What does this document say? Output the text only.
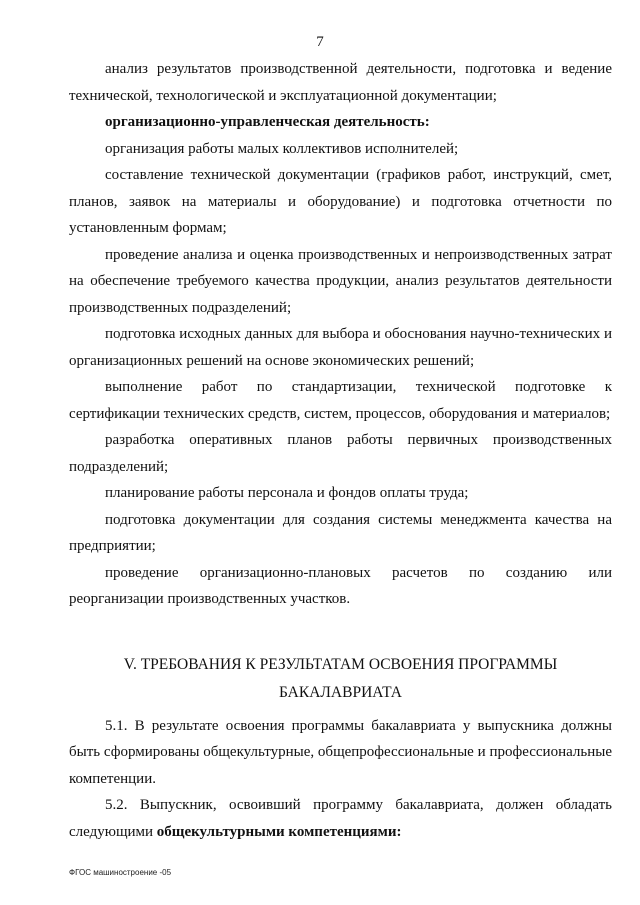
7

анализ результатов производственной деятельности, подготовка и ведение технической, технологической и эксплуатационной документации;

организационно-управленческая деятельность:

организация работы малых коллективов исполнителей;

составление технической документации (графиков работ, инструкций, смет, планов, заявок на материалы и оборудование) и подготовка отчетности по установленным формам;

проведение анализа и оценка производственных и непроизводственных затрат на обеспечение требуемого качества продукции, анализ результатов деятельности производственных подразделений;

подготовка исходных данных для выбора и обоснования научно-технических и организационных решений на основе экономических решений;

выполнение работ по стандартизации, технической подготовке к сертификации технических средств, систем, процессов, оборудования и материалов;

разработка оперативных планов работы первичных производственных подразделений;

планирование работы персонала и фондов оплаты труда;

подготовка документации для создания системы менеджмента качества на предприятии;

проведение организационно-плановых расчетов по созданию или реорганизации производственных участков.

V. ТРЕБОВАНИЯ К РЕЗУЛЬТАТАМ ОСВОЕНИЯ ПРОГРАММЫ
БАКАЛАВРИАТА

5.1. В результате освоения программы бакалавриата у выпускника должны быть сформированы общекультурные, общепрофессиональные и профессиональные компетенции.

5.2. Выпускник, освоивший программу бакалавриата, должен обладать следующими общекультурными компетенциями:

ФГОС машиностроение -05
